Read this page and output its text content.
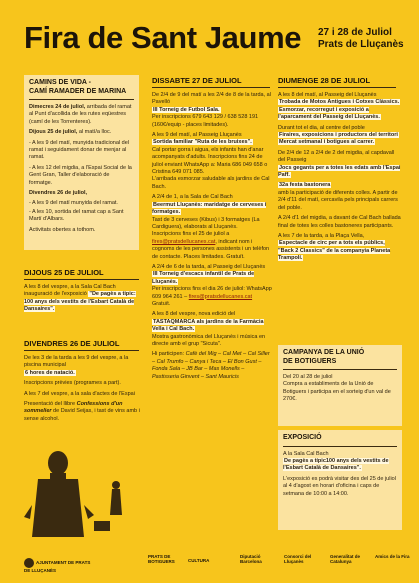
Fira de Sant Jaume 27 i 28 de Juliol
Prats de Lluçanès
CAMINS DE VIDA -
CAMÍ RAMADER DE MARINA

Dimecres 24 de juliol, arribada del ramat al Punt d'acollida de les rutes eqüestres (camí de les Torrenteres).

Dijous 25 de juliol, al matí/a lloc.

- A les 9 del matí, munyida tradicional del ramat i seguidament donar de menjar al ramat.

- A les 12 del migdia, a l'Espai Social de la Gent Gran, Taller d'elaboració de formatge.

Divendres 26 de juliol,

- A les 9 del matí munyida del ramat.

- A les 10, sortida del ramat cap a Sant Martí d'Albars.

Activitats obertes a tothom.

DIJOUS 25 DE JULIOL
A les 8 del vespre, a la Sala Cal Bach inauguració de l'exposició "De pagès a tipic: 100 anys dels vestits de l'Esbart Català de Dansaires".
DIVENDRES 26 DE JULIOL

De les 3 de la tarda a les 9 del vespre, a la piscina municipal

6 hores de natació.

Inscripcions prèvies (programes a part).

A les 7 del vespre, a la sala d'actes de l'Espai

Presentació del llibre Confessions d'un sommelier de David Seijas, i tast de vins amb i sense alcohol.

DISSABTE 27 DE JULIOL

De 2/4 de 9 del matí a les 2/4 de 8 de la tarda, al Pavelló

III Torneig de Futbol Sala.

Per inscripcions 679 643 129 / 638 528 191 (160€/equip - places limitades).

A les 9 del matí, al Passeig Lluçanès

Sortida familiar "Ruta de les bruixes".

Cal portar gorra i aigua, els infants han d'anar acompanyats d'adults. Inscripcions fins 24 de juliol enviant WhatsApp a: Maria 686 049 658 o Cristina 649 071 085.

L'arribada esmorzar saludable als jardins de Cal Bach.

A 2/4 de 1, a la Sala de Cal Bach

Beermut Lluçanès: maridatge de cerveses i formatges.

Tast de 3 cerveses (Kibus) i 3 formatges (La Cardiguera), elaborats al Lluçanès.

Inscripcions fins el 25 de juliol a fires@pratsdellucanes.cat, indicant nom i cognoms de les persones assistents i un telèfon de contacte. Places limitades. Gratuït.

A 2/4 de 6 de la tarda, al Passeig del Lluçanès

III Torneig d'escacs infantil de Prats de Lluçanès.

Per inscripcions fins el dia 26 de juliol: WhatsApp 609 964 261 – fires@pratsdellucanes.cat

Gratuït.

A les 8 del vespre, nova edició del

TASTAQMARCA als jardins de la Farmàcia Vella i Cal Bach.

Mostra gastronòmica del Lluçanès i música en directe amb el grup "Sicuta".

Hi participen: Cafè del Mig – Cal Met – Cal Siller – Cal Trumfo – Canya i Teca – El Bon Gust – Fonda Sala – JB Bar – Mas Monells – Pastisseria Ginvent – Sant Mauricis

DIUMENGE 28 DE JULIOL

A les 8 del matí, al Passeig del Lluçanès

Trobada de Motos Antigues i Cotxes Clàssics.

Esmorzar, recorregut i exposició a l'aparcament del Passeig del Lluçanès.

Durant tot el dia, al centre del poble

Firaires, exposicions i productors del territori

Mercat setmanal i botigues al carrer.

De 2/4 de 12 a 2/4 de 2 del migdia, al capdavall del Passeig

Jocs gegants per a totes les edats amb l'Espai Paff.

32a festa bastonera

amb la participació de diferents colles. A partir de 2/4 d'11 del matí, cercavila pels principals carrers del poble.

A 2/4 d'1 del migdia, a davant de Cal Bach ballada final de totes les colles bastoneres participants.

A les 7 de la tarda, a la Plaça Vella,

Espectacle de circ per a tots els públics, "Back 2 Classics" de la companyia Planeta Trampolí.

CAMPANYA DE LA UNIÓ
DE BOTIGUERS

Del 20 al 28 de juliol

Compra a establiments de la Unió de Botiguers i participa en el sorteig d'un val de 270€.

EXPOSICIÓ

A la Sala Cal Bach

De pagès a típic100 anys dels vestits de l'Esbart Català de Dansaires".

L'exposició es podrà visitar des del 25 de juliol al 4 d'agost en horari d'oficina i caps de setmana de 10:00 a 14:00.

AJUNTAMENT DE PRATS DE LLUÇANÈS
PRATS DE BOTIGUERS	CULTURA
Diputació Barcelona
Consorci del Lluçanès
Generalitat de Catalunya
Amics de la Fira
